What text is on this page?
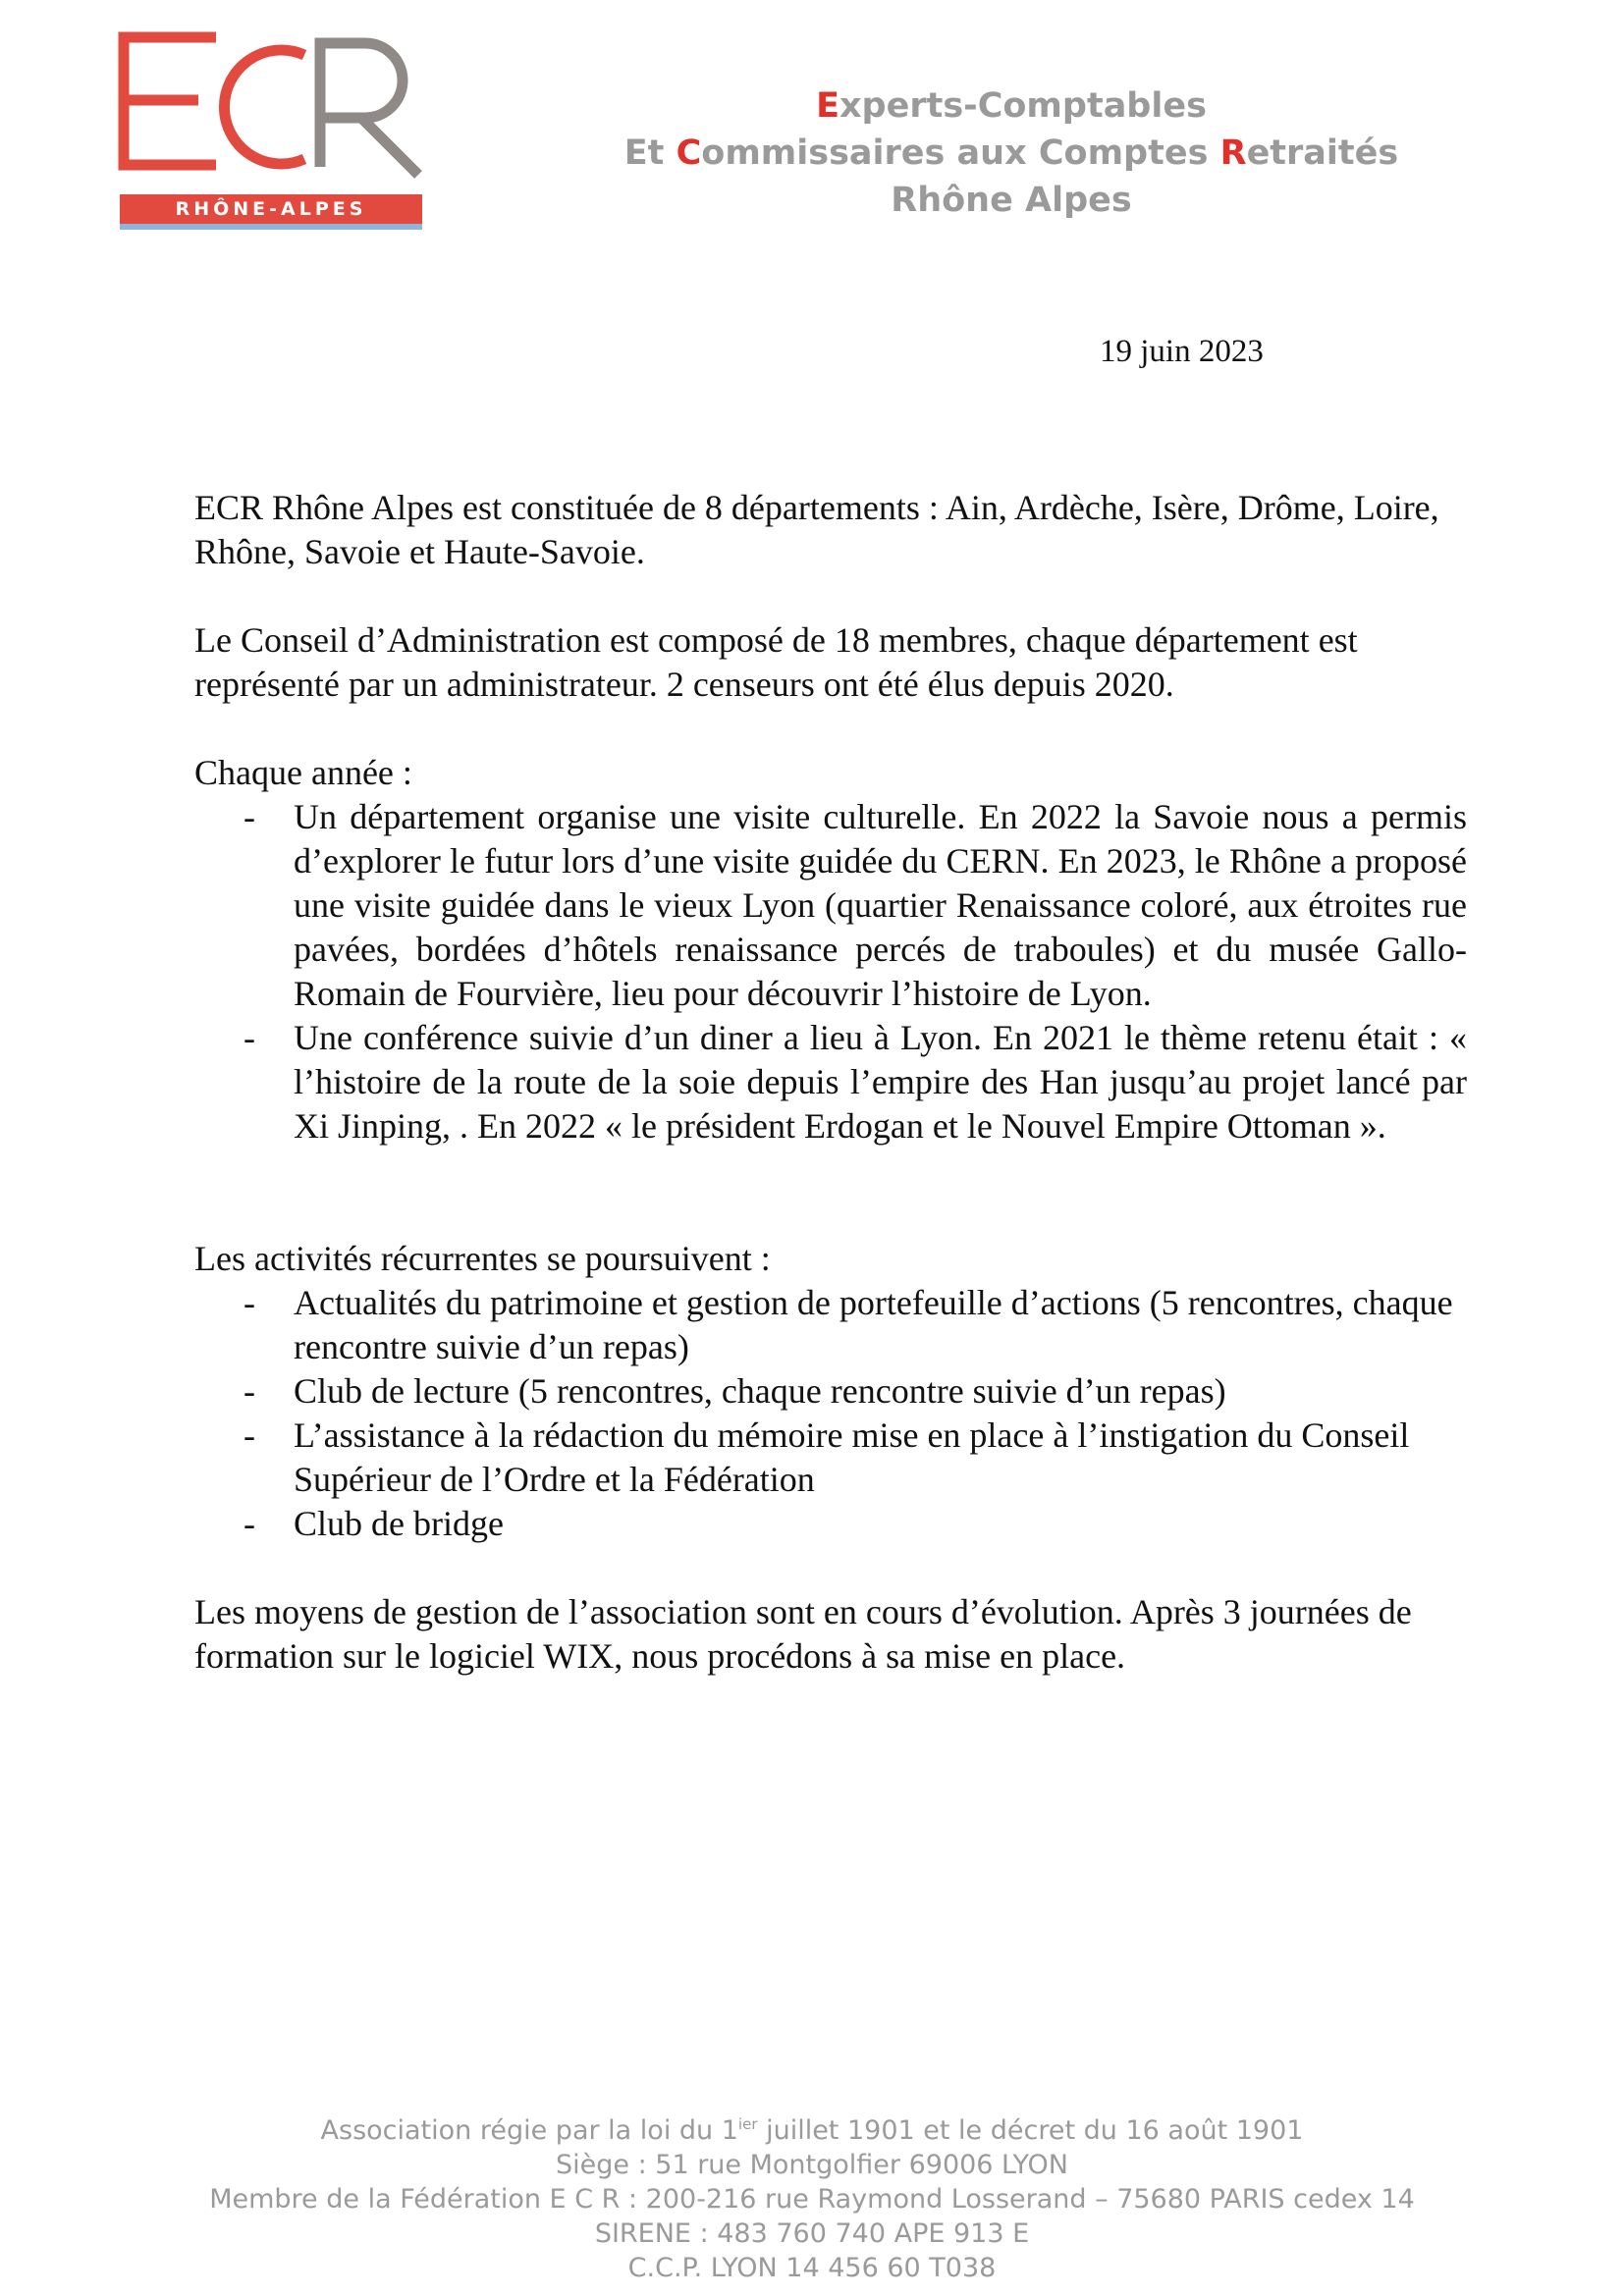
RHÔNE-ALPES
Experts-Comptables
Et Commissaires aux Comptes Retraités
Rhône Alpes
19 juin 2023

ECR Rhône Alpes est constituée de 8 départements : Ain, Ardèche, Isère, Drôme, Loire, Rhône, Savoie et Haute-Savoie.

Le Conseil d’Administration est composé de 18 membres, chaque département est représenté par un administrateur. 2 censeurs ont été élus depuis 2020.

Chaque année :

- Un département organise une visite culturelle. En 2022 la Savoie nous a permis d’explorer le futur lors d’une visite guidée du CERN. En 2023, le Rhône a proposé une visite guidée dans le vieux Lyon (quartier Renaissance coloré, aux étroites rue pavées, bordées d’hôtels renaissance percés de traboules) et du musée Gallo-Romain de Fourvière, lieu pour découvrir l’histoire de Lyon.
- Une conférence suivie d’un diner a lieu à Lyon. En 2021 le thème retenu était : « l’histoire de la route de la soie depuis l’empire des Han jusqu’au projet lancé par Xi Jinping, . En 2022 « le président Erdogan et le Nouvel Empire Ottoman ».

Les activités récurrentes se poursuivent :

- Actualités du patrimoine et gestion de portefeuille d’actions (5 rencontres, chaque rencontre suivie d’un repas)
- Club de lecture (5 rencontres, chaque rencontre suivie d’un repas)
- L’assistance à la rédaction du mémoire mise en place à l’instigation du Conseil Supérieur de l’Ordre et la Fédération
- Club de bridge

Les moyens de gestion de l’association sont en cours d’évolution. Après 3 journées de formation sur le logiciel WIX, nous procédons à sa mise en place.

Association régie par la loi du $1^{ier}$ juillet 1901 et le décret du 16 août 1901
Siège : 51 rue Montgolfier 69006 LYON
Membre de la Fédération E C R : 200-216 rue Raymond Losserand – 75680 PARIS cedex 14
SIRENE : 483 760 740 APE 913 E
C.C.P. LYON 14 456 60 T038
